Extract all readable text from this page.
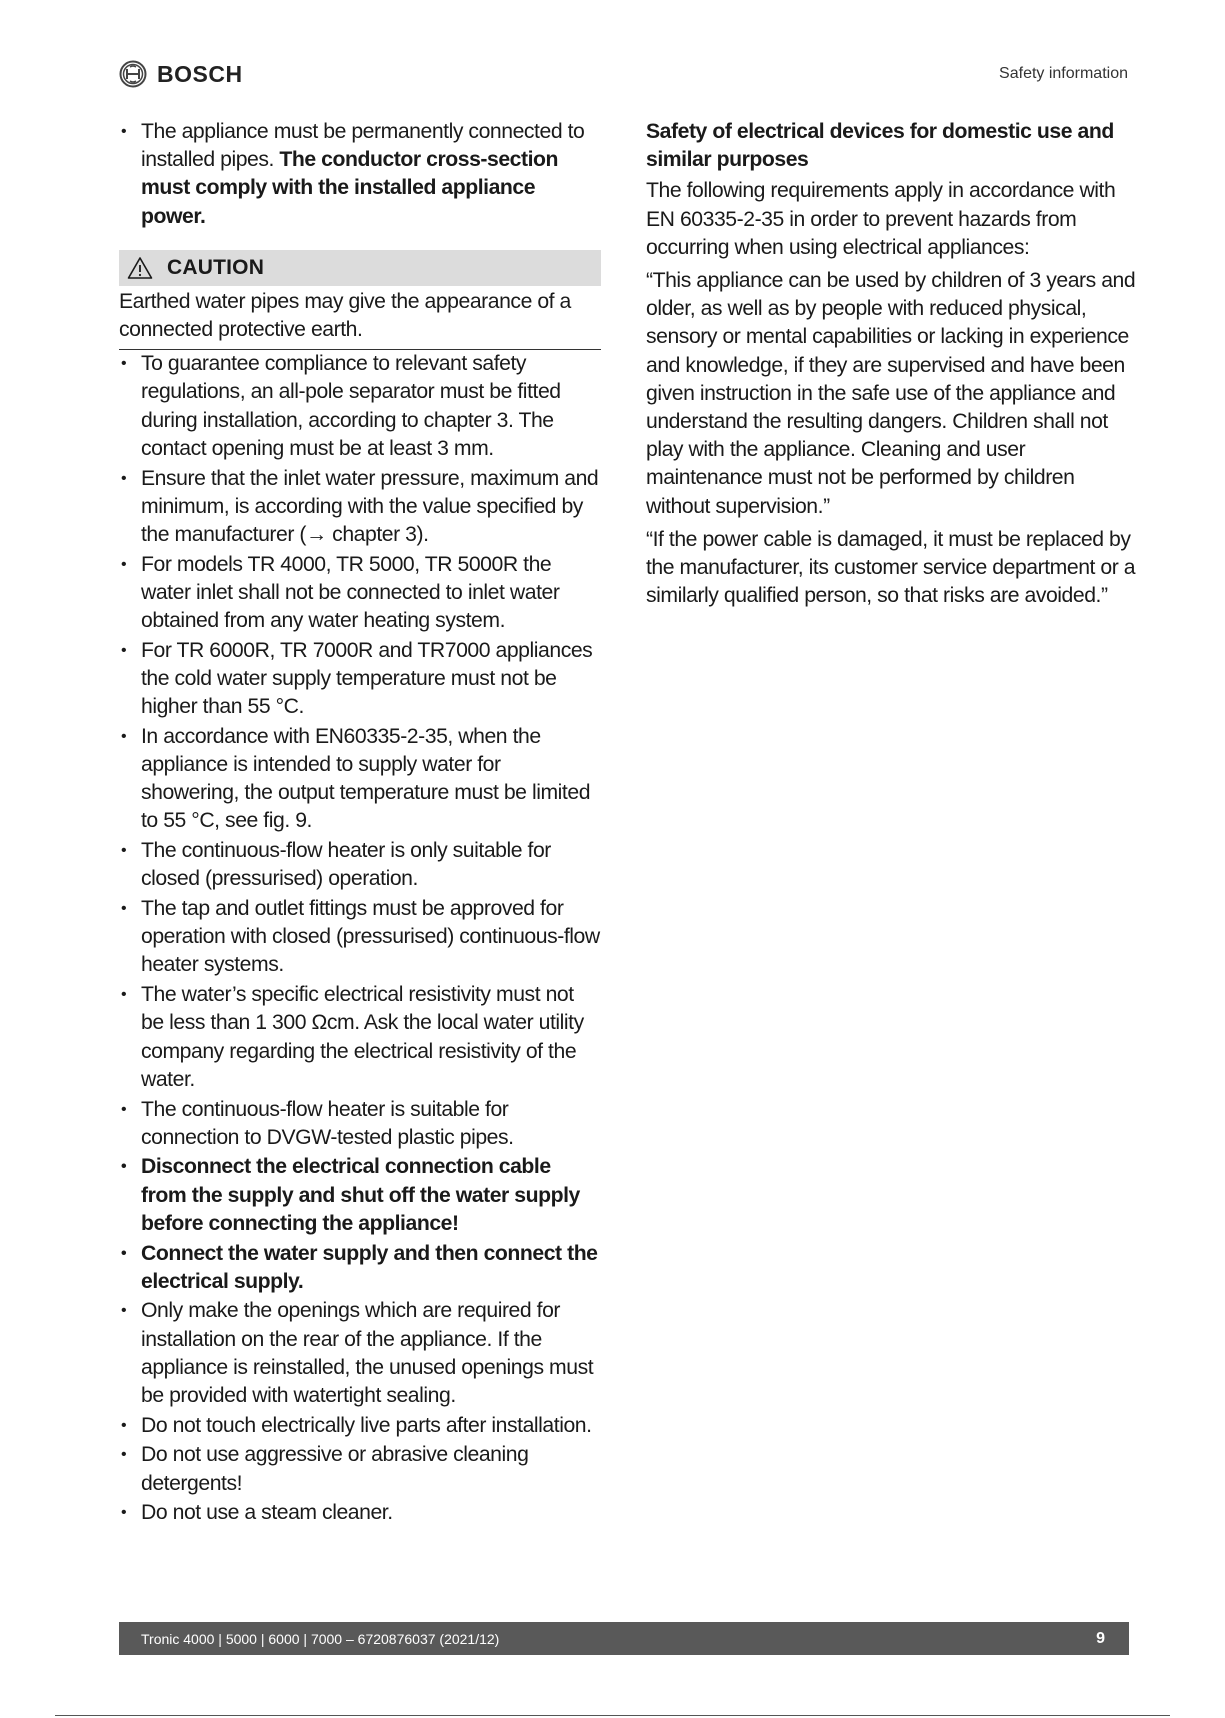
BOSCH	Safety information
• The appliance must be permanently connected to installed pipes. The conductor cross-section must comply with the installed appliance power.
CAUTION
Earthed water pipes may give the appearance of a connected protective earth.
• To guarantee compliance to relevant safety regulations, an all-pole separator must be fitted during installation, according to chapter 3. The contact opening must be at least 3 mm.
• Ensure that the inlet water pressure, maximum and minimum, is according with the value specified by the manufacturer (→ chapter 3).
• For models TR 4000, TR 5000, TR 5000R the water inlet shall not be connected to inlet water obtained from any water heating system.
• For TR 6000R, TR 7000R and TR7000 appliances the cold water supply temperature must not be higher than 55 °C.
• In accordance with EN60335-2-35, when the appliance is intended to supply water for showering, the output temperature must be limited to 55 °C, see fig. 9.
• The continuous-flow heater is only suitable for closed (pressurised) operation.
• The tap and outlet fittings must be approved for operation with closed (pressurised) continuous-flow heater systems.
• The water’s specific electrical resistivity must not be less than 1 300 Ωcm. Ask the local water utility company regarding the electrical resistivity of the water.
• The continuous-flow heater is suitable for connection to DVGW-tested plastic pipes.
• Disconnect the electrical connection cable from the supply and shut off the water supply before connecting the appliance!
• Connect the water supply and then connect the electrical supply.
• Only make the openings which are required for installation on the rear of the appliance. If the appliance is reinstalled, the unused openings must be provided with watertight sealing.
• Do not touch electrically live parts after installation.
• Do not use aggressive or abrasive cleaning detergents!
• Do not use a steam cleaner.
Safety of electrical devices for domestic use and similar purposes

The following requirements apply in accordance with EN 60335-2-35 in order to prevent hazards from occurring when using electrical appliances:

“This appliance can be used by children of 3 years and older, as well as by people with reduced physical, sensory or mental capabilities or lacking in experience and knowledge, if they are supervised and have been given instruction in the safe use of the appliance and understand the resulting dangers. Children shall not play with the appliance. Cleaning and user maintenance must not be performed by children without supervision.”

“If the power cable is damaged, it must be replaced by the manufacturer, its customer service department or a similarly qualified person, so that risks are avoided.”

Tronic 4000 | 5000 | 6000 | 7000 – 6720876037 (2021/12)	9
